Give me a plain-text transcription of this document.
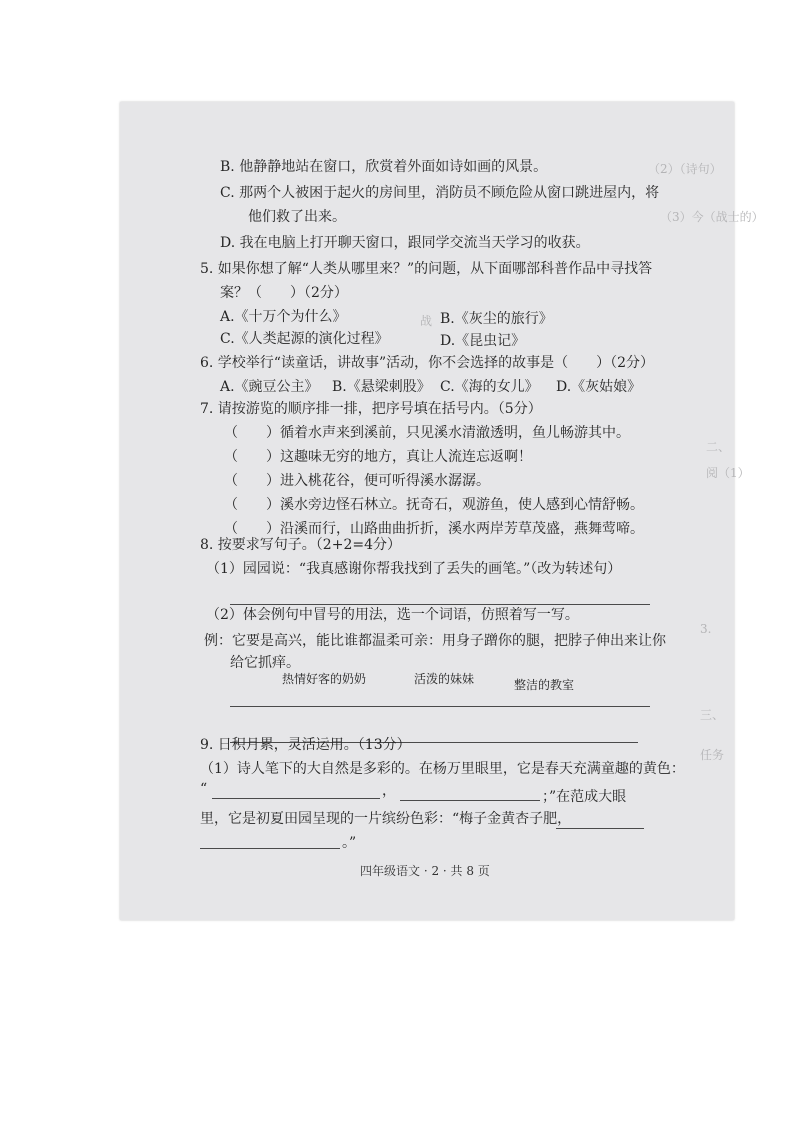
（2）（诗句）
（3）今（战士的）
战
二、
阅（1）
3.
三、
任务
B. 他静静地站在窗口，欣赏着外面如诗如画的风景。
C. 那两个人被困于起火的房间里，消防员不顾危险从窗口跳进屋内，将
他们救了出来。
D. 我在电脑上打开聊天窗口，跟同学交流当天学习的收获。
5. 如果你想了解“人类从哪里来？”的问题，从下面哪部科普作品中寻找答
案？（　　）（2分）
A.《十万个为什么》	B.《灰尘的旅行》
C.《人类起源的演化过程》	D.《昆虫记》
6. 学校举行“读童话，讲故事”活动，你不会选择的故事是（　　）（2分）
A.《豌豆公主》 B.《悬梁刺股》 C.《海的女儿》 D.《灰姑娘》
7. 请按游览的顺序排一排，把序号填在括号内。（5分）
（　　）循着水声来到溪前，只见溪水清澈透明，鱼儿畅游其中。
（　　）这趣味无穷的地方，真让人流连忘返啊！
（　　）进入桃花谷，便可听得溪水潺潺。
（　　）溪水旁边怪石林立。抚奇石，观游鱼，使人感到心情舒畅。
（　　）沿溪而行，山路曲曲折折，溪水两岸芳草茂盛，燕舞莺啼。
8. 按要求写句子。（2+2=4分）
（1）园园说：“我真感谢你帮我找到了丢失的画笔。”（改为转述句）
（2）体会例句中冒号的用法，选一个词语，仿照着写一写。
例：它要是高兴，能比谁都温柔可亲：用身子蹭你的腿，把脖子伸出来让你
给它抓痒。
热情好客的奶奶	活泼的妹妹	整洁的教室
9. 日积月累，灵活运用。（13分）
（1）诗人笔下的大自然是多彩的。在杨万里眼里，它是春天充满童趣的黄色：
“	，	；”在范成大眼
里，它是初夏田园呈现的一片缤纷色彩：“梅子金黄杏子肥，
。”
四年级语文 · 2 · 共 8 页
